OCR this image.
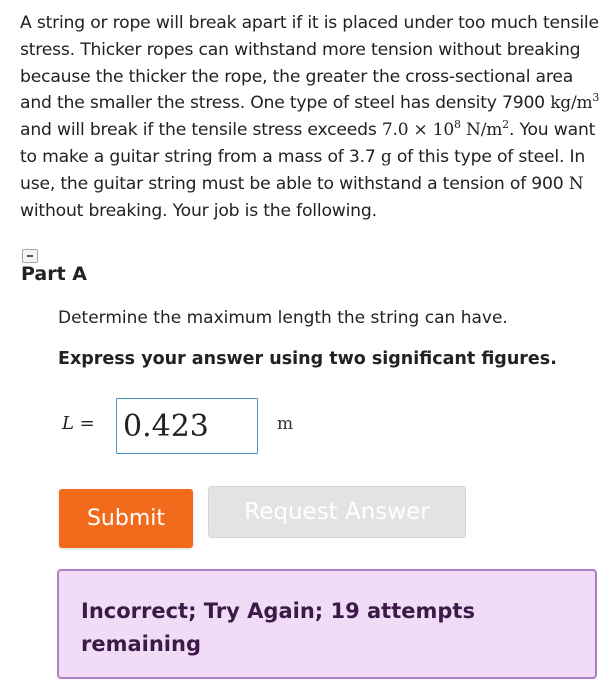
A string or rope will break apart if it is placed under too much tensile stress. Thicker ropes can withstand more tension without breaking because the thicker the rope, the greater the cross-sectional area and the smaller the stress. One type of steel has density 7900 $kg/m^3$ and will break if the tensile stress exceeds $7.0 \times 10^8$ $N/m^2$. You want to make a guitar string from a mass of 3.7 g of this type of steel. In use, the guitar string must be able to withstand a tension of 900 N without breaking. Your job is the following.
Part A
Determine the maximum length the string can have.
Express your answer using two significant figures.
L =
0.423	m
Submit	Request Answer
Incorrect; Try Again; 19 attempts remaining
